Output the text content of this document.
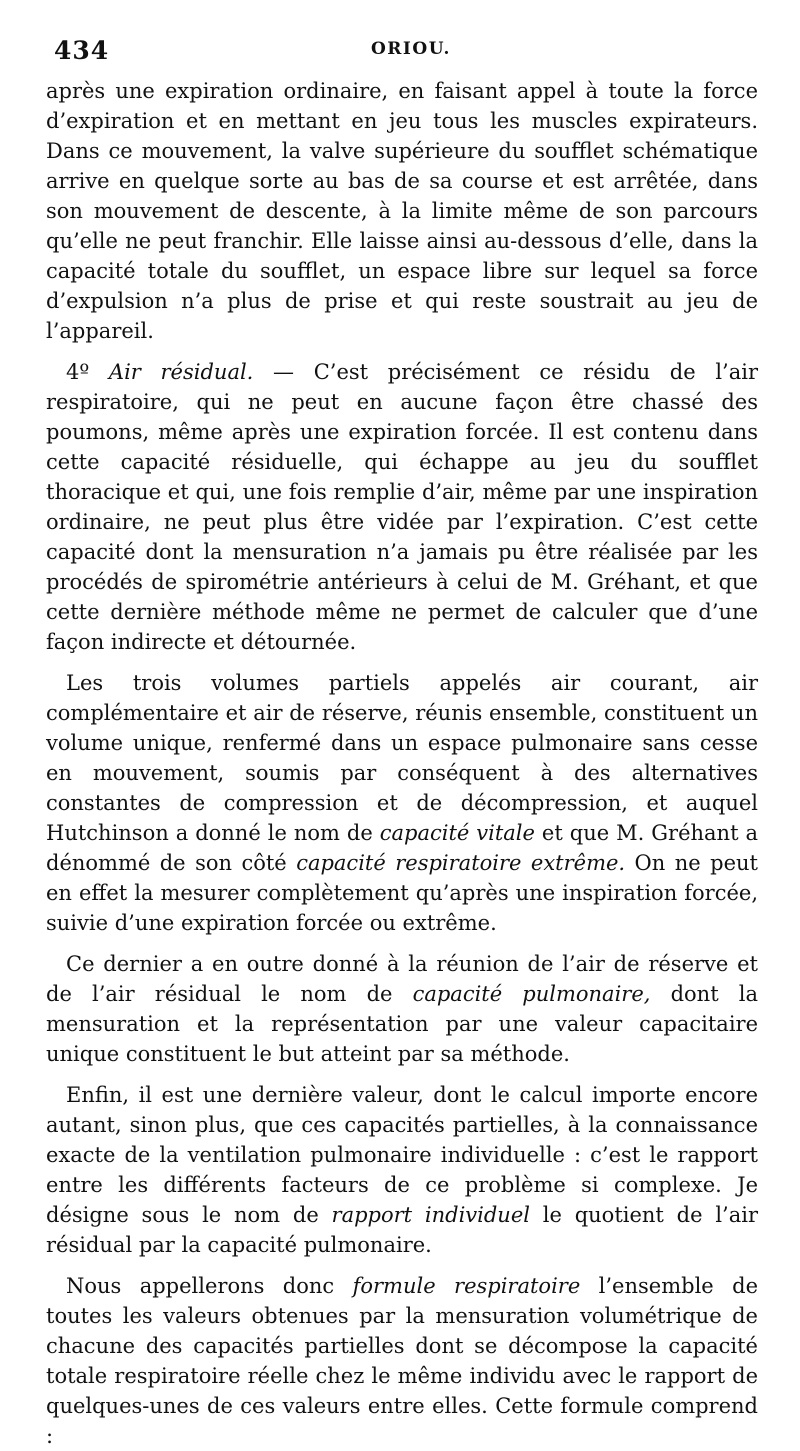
434	ORIOU.

après une expiration ordinaire, en faisant appel à toute la force d’expiration et en mettant en jeu tous les muscles expirateurs. Dans ce mouvement, la valve supérieure du soufflet schématique arrive en quelque sorte au bas de sa course et est arrêtée, dans son mouvement de descente, à la limite même de son parcours qu’elle ne peut franchir. Elle laisse ainsi au-dessous d’elle, dans la capacité totale du soufflet, un espace libre sur lequel sa force d’expulsion n’a plus de prise et qui reste soustrait au jeu de l’appareil.

4º Air résidual. — C’est précisément ce résidu de l’air respiratoire, qui ne peut en aucune façon être chassé des poumons, même après une expiration forcée. Il est contenu dans cette capacité résiduelle, qui échappe au jeu du soufflet thoracique et qui, une fois remplie d’air, même par une inspiration ordinaire, ne peut plus être vidée par l’expiration. C’est cette capacité dont la mensuration n’a jamais pu être réalisée par les procédés de spirométrie antérieurs à celui de M. Gréhant, et que cette dernière méthode même ne permet de calculer que d’une façon indirecte et détournée.

Les trois volumes partiels appelés air courant, air complémentaire et air de réserve, réunis ensemble, constituent un volume unique, renfermé dans un espace pulmonaire sans cesse en mouvement, soumis par conséquent à des alternatives constantes de compression et de décompression, et auquel Hutchinson a donné le nom de capacité vitale et que M. Gréhant a dénommé de son côté capacité respiratoire extrême. On ne peut en effet la mesurer complètement qu’après une inspiration forcée, suivie d’une expiration forcée ou extrême.

Ce dernier a en outre donné à la réunion de l’air de réserve et de l’air résidual le nom de capacité pulmonaire, dont la mensuration et la représentation par une valeur capacitaire unique constituent le but atteint par sa méthode.

Enfin, il est une dernière valeur, dont le calcul importe encore autant, sinon plus, que ces capacités partielles, à la connaissance exacte de la ventilation pulmonaire individuelle : c’est le rapport entre les différents facteurs de ce problème si complexe. Je désigne sous le nom de rapport individuel le quotient de l’air résidual par la capacité pulmonaire.

Nous appellerons donc formule respiratoire l’ensemble de toutes les valeurs obtenues par la mensuration volumétrique de chacune des capacités partielles dont se décompose la capacité totale respiratoire réelle chez le même individu avec le rapport de quelques-unes de ces valeurs entre elles. Cette formule comprend :
